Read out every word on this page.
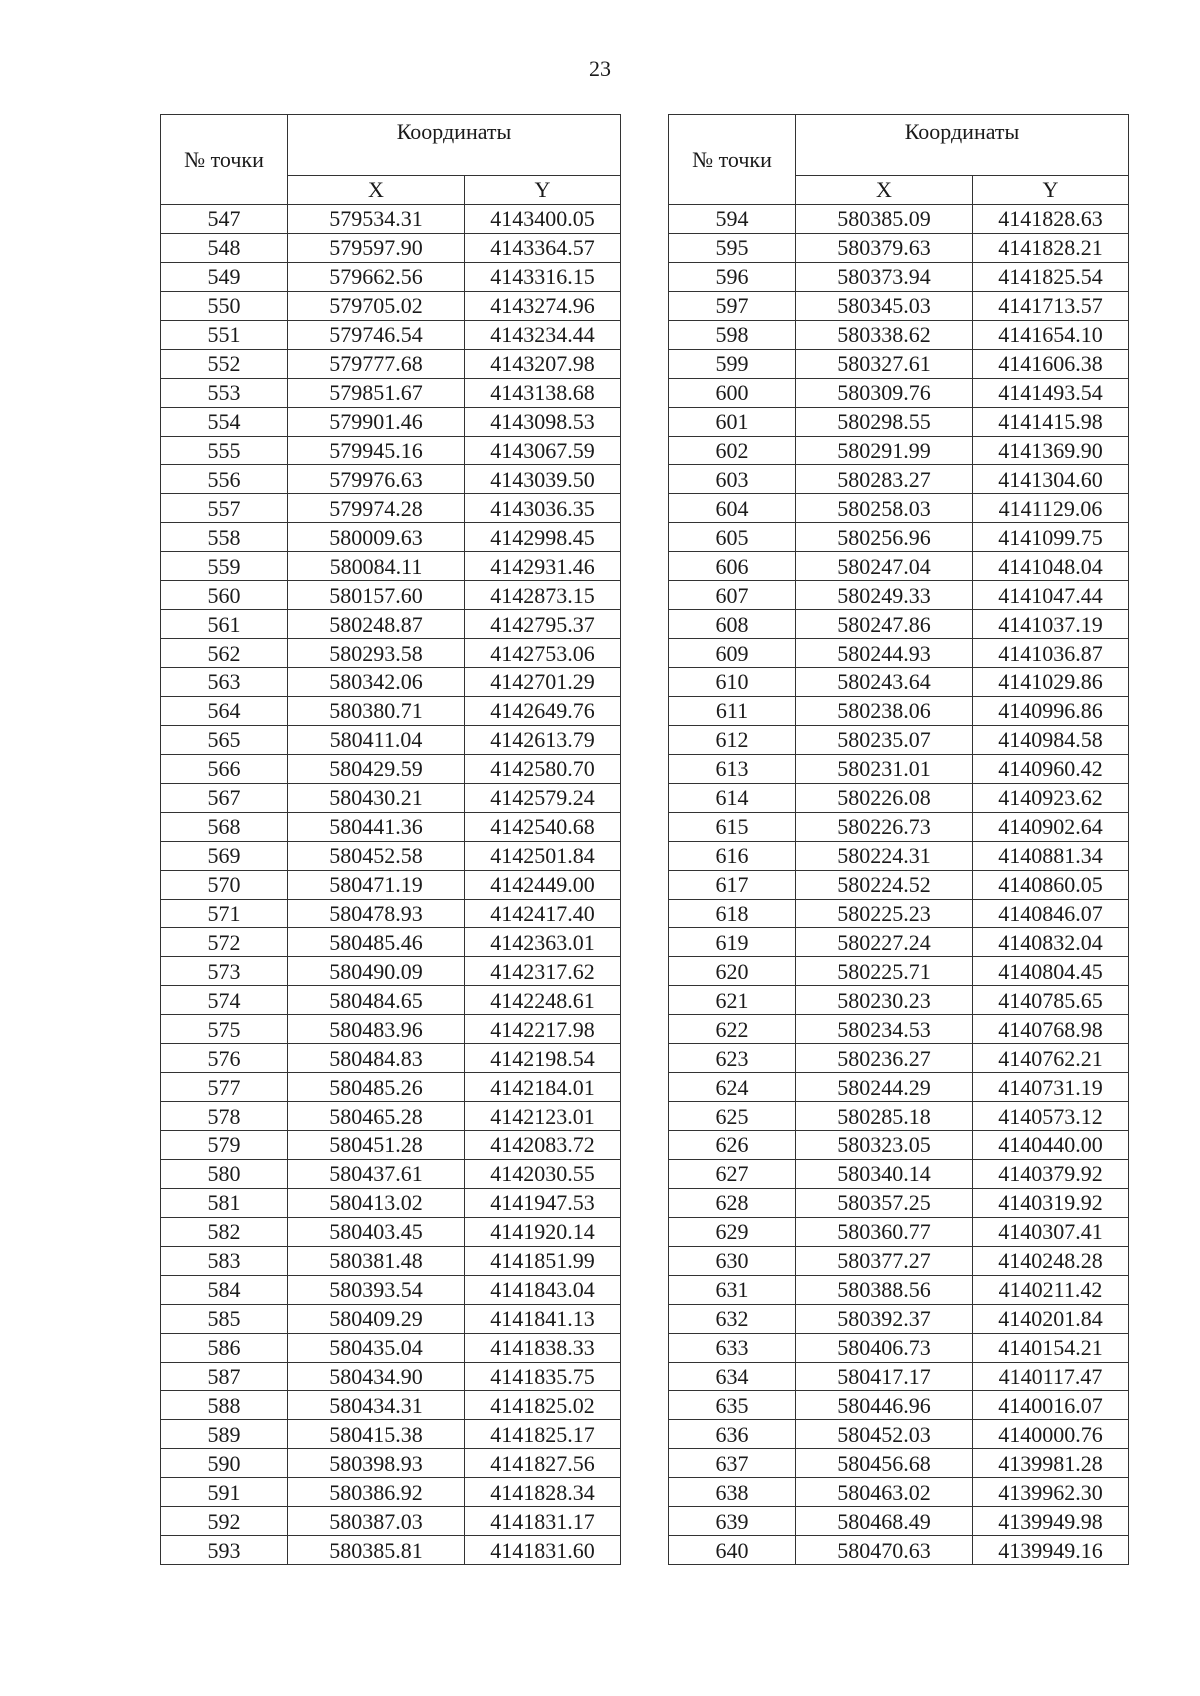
23
№ точки	Координаты	
	X	Y
547	579534.31	4143400.05
548	579597.90	4143364.57
549	579662.56	4143316.15
550	579705.02	4143274.96
551	579746.54	4143234.44
552	579777.68	4143207.98
553	579851.67	4143138.68
554	579901.46	4143098.53
555	579945.16	4143067.59
556	579976.63	4143039.50
557	579974.28	4143036.35
558	580009.63	4142998.45
559	580084.11	4142931.46
560	580157.60	4142873.15
561	580248.87	4142795.37
562	580293.58	4142753.06
563	580342.06	4142701.29
564	580380.71	4142649.76
565	580411.04	4142613.79
566	580429.59	4142580.70
567	580430.21	4142579.24
568	580441.36	4142540.68
569	580452.58	4142501.84
570	580471.19	4142449.00
571	580478.93	4142417.40
572	580485.46	4142363.01
573	580490.09	4142317.62
574	580484.65	4142248.61
575	580483.96	4142217.98
576	580484.83	4142198.54
577	580485.26	4142184.01
578	580465.28	4142123.01
579	580451.28	4142083.72
580	580437.61	4142030.55
581	580413.02	4141947.53
582	580403.45	4141920.14
583	580381.48	4141851.99
584	580393.54	4141843.04
585	580409.29	4141841.13
586	580435.04	4141838.33
587	580434.90	4141835.75
588	580434.31	4141825.02
589	580415.38	4141825.17
590	580398.93	4141827.56
591	580386.92	4141828.34
592	580387.03	4141831.17
593	580385.81	4141831.60
№ точки	Координаты	
	X	Y
594	580385.09	4141828.63
595	580379.63	4141828.21
596	580373.94	4141825.54
597	580345.03	4141713.57
598	580338.62	4141654.10
599	580327.61	4141606.38
600	580309.76	4141493.54
601	580298.55	4141415.98
602	580291.99	4141369.90
603	580283.27	4141304.60
604	580258.03	4141129.06
605	580256.96	4141099.75
606	580247.04	4141048.04
607	580249.33	4141047.44
608	580247.86	4141037.19
609	580244.93	4141036.87
610	580243.64	4141029.86
611	580238.06	4140996.86
612	580235.07	4140984.58
613	580231.01	4140960.42
614	580226.08	4140923.62
615	580226.73	4140902.64
616	580224.31	4140881.34
617	580224.52	4140860.05
618	580225.23	4140846.07
619	580227.24	4140832.04
620	580225.71	4140804.45
621	580230.23	4140785.65
622	580234.53	4140768.98
623	580236.27	4140762.21
624	580244.29	4140731.19
625	580285.18	4140573.12
626	580323.05	4140440.00
627	580340.14	4140379.92
628	580357.25	4140319.92
629	580360.77	4140307.41
630	580377.27	4140248.28
631	580388.56	4140211.42
632	580392.37	4140201.84
633	580406.73	4140154.21
634	580417.17	4140117.47
635	580446.96	4140016.07
636	580452.03	4140000.76
637	580456.68	4139981.28
638	580463.02	4139962.30
639	580468.49	4139949.98
640	580470.63	4139949.16
